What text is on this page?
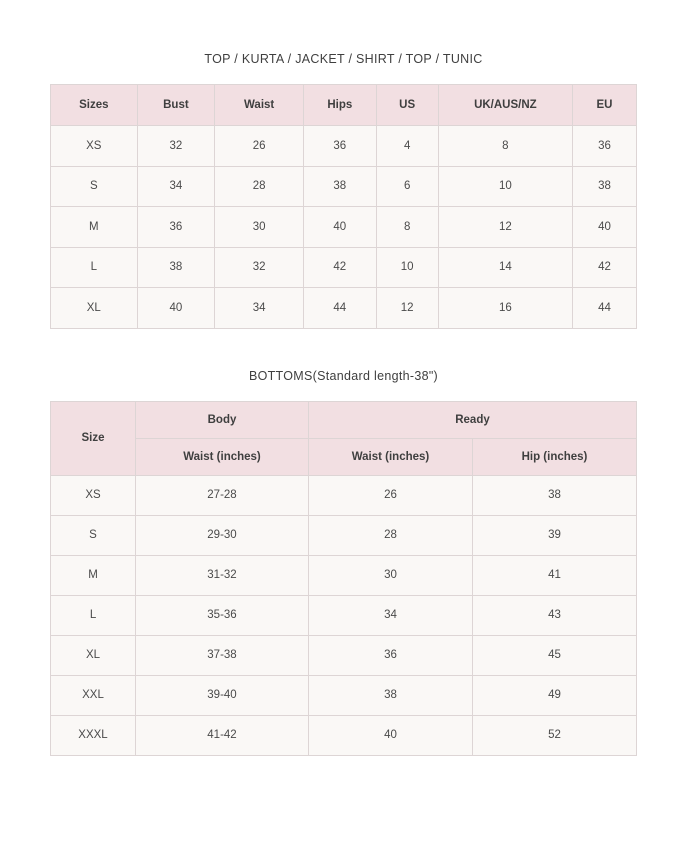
TOP / KURTA / JACKET / SHIRT / TOP / TUNIC
Sizes	Bust	Waist	Hips	US	UK/AUS/NZ	EU
XS	32	26	36	4	8	36
S	34	28	38	6	10	38
M	36	30	40	8	12	40
L	38	32	42	10	14	42
XL	40	34	44	12	16	44
BOTTOMS(Standard length-38")
Size	Body	Ready	
	Waist (inches)	Waist (inches)	Hip (inches)
XS	27-28	26	38
S	29-30	28	39
M	31-32	30	41
L	35-36	34	43
XL	37-38	36	45
XXL	39-40	38	49
XXXL	41-42	40	52
